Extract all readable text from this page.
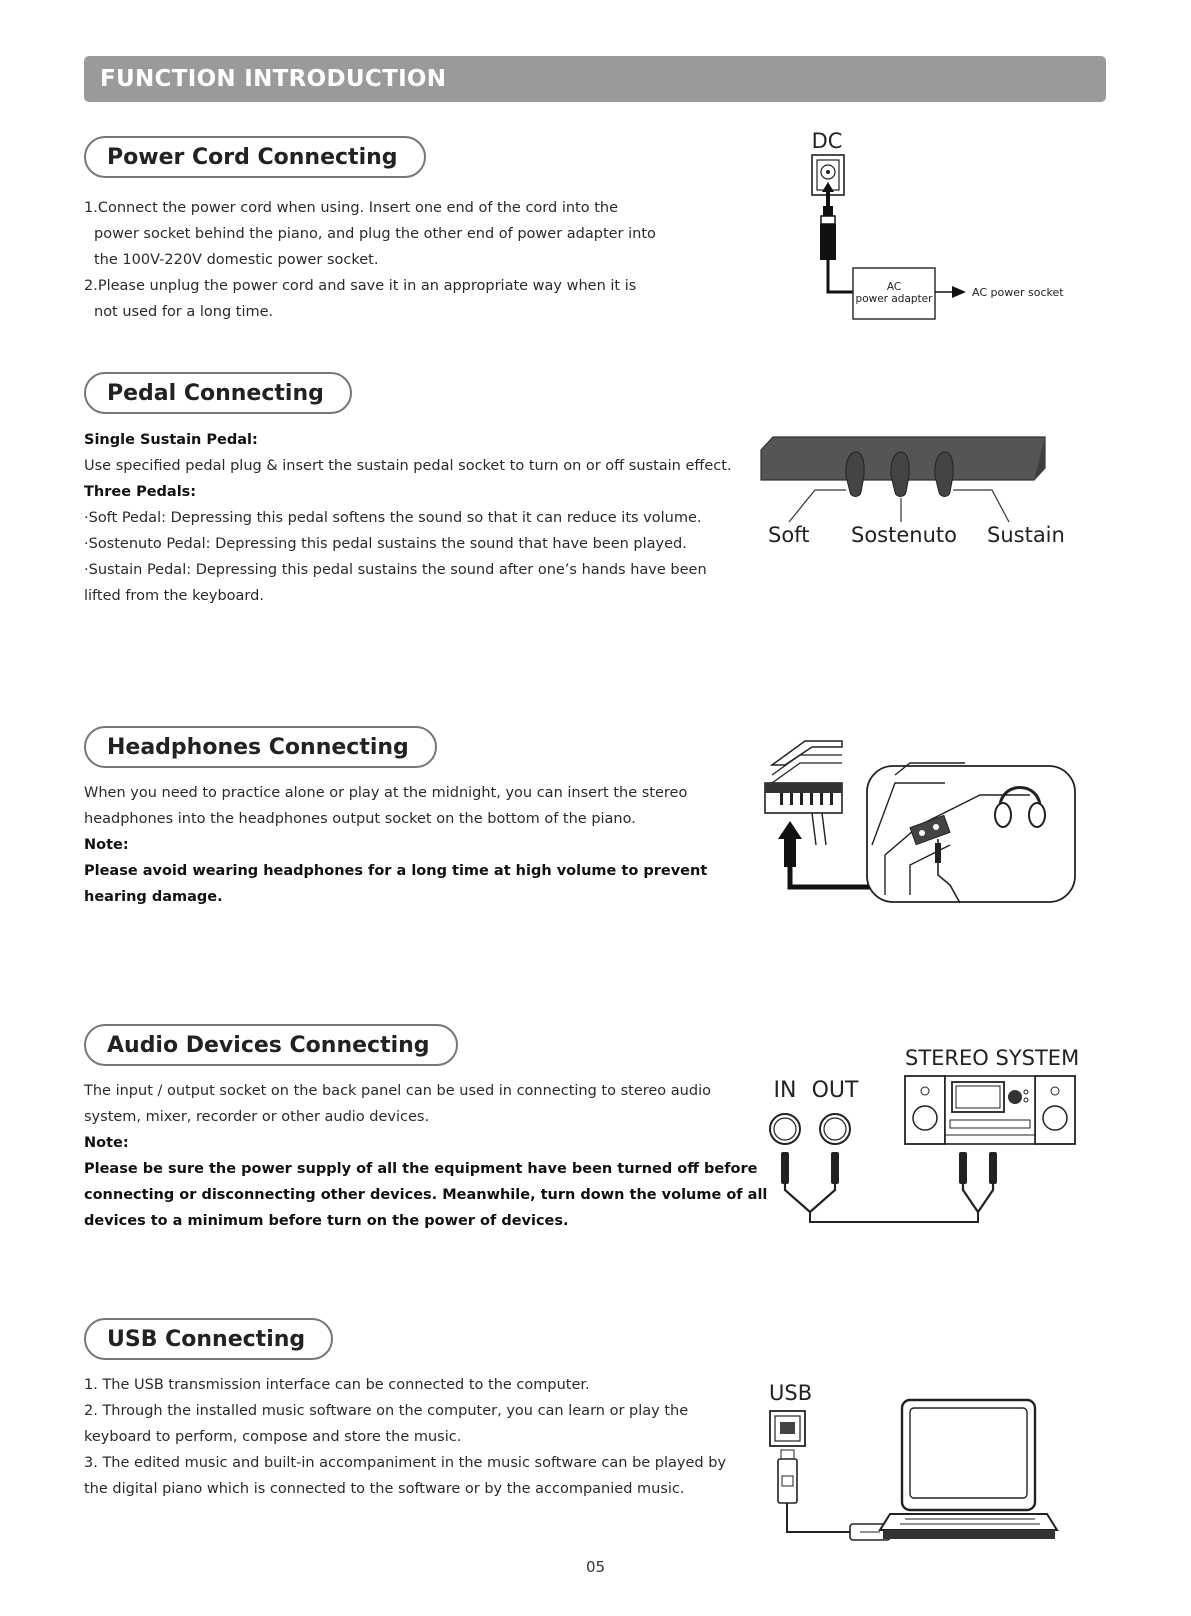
FUNCTION INTRODUCTION
Power Cord Connecting

1.Connect the power cord when using. Insert one end of the cord into the

power socket behind the piano, and plug the other end of power adapter into

the 100V-220V domestic power socket.

2.Please unplug the power cord and save it in an appropriate way when it is

not used for a long time.

DC
AC
power adapter	AC power socket
Pedal Connecting

Single Sustain Pedal:

Use specified pedal plug & insert the sustain pedal socket to turn on or off sustain effect.

Three Pedals:

·Soft Pedal: Depressing this pedal softens the sound so that it can reduce its volume.

·Sostenuto Pedal: Depressing this pedal sustains the sound that have been played.

·Sustain Pedal: Depressing this pedal sustains the sound after one’s hands have been

lifted from the keyboard.

Soft Sostenuto Sustain
Headphones Connecting

When you need to practice alone or play at the midnight, you can insert the stereo

headphones into the headphones output socket on the bottom of the piano.

Note:

Please avoid wearing headphones for a long time at high volume to prevent

hearing damage.

Audio Devices Connecting

The input / output socket on the back panel can be used in connecting to stereo audio

system, mixer, recorder or other audio devices.

Note:

Please be sure the power supply of all the equipment have been turned off before

connecting or disconnecting other devices. Meanwhile, turn down the volume of all

devices to a minimum before turn on the power of devices.

STEREO SYSTEM
IN OUT
USB Connecting

1. The USB transmission interface can be connected to the computer.

2. Through the installed music software on the computer, you can learn or play the

keyboard to perform, compose and store the music.

3. The edited music and built-in accompaniment in the music software can be played by

the digital piano which is connected to the software or by the accompanied music.

USB
05
